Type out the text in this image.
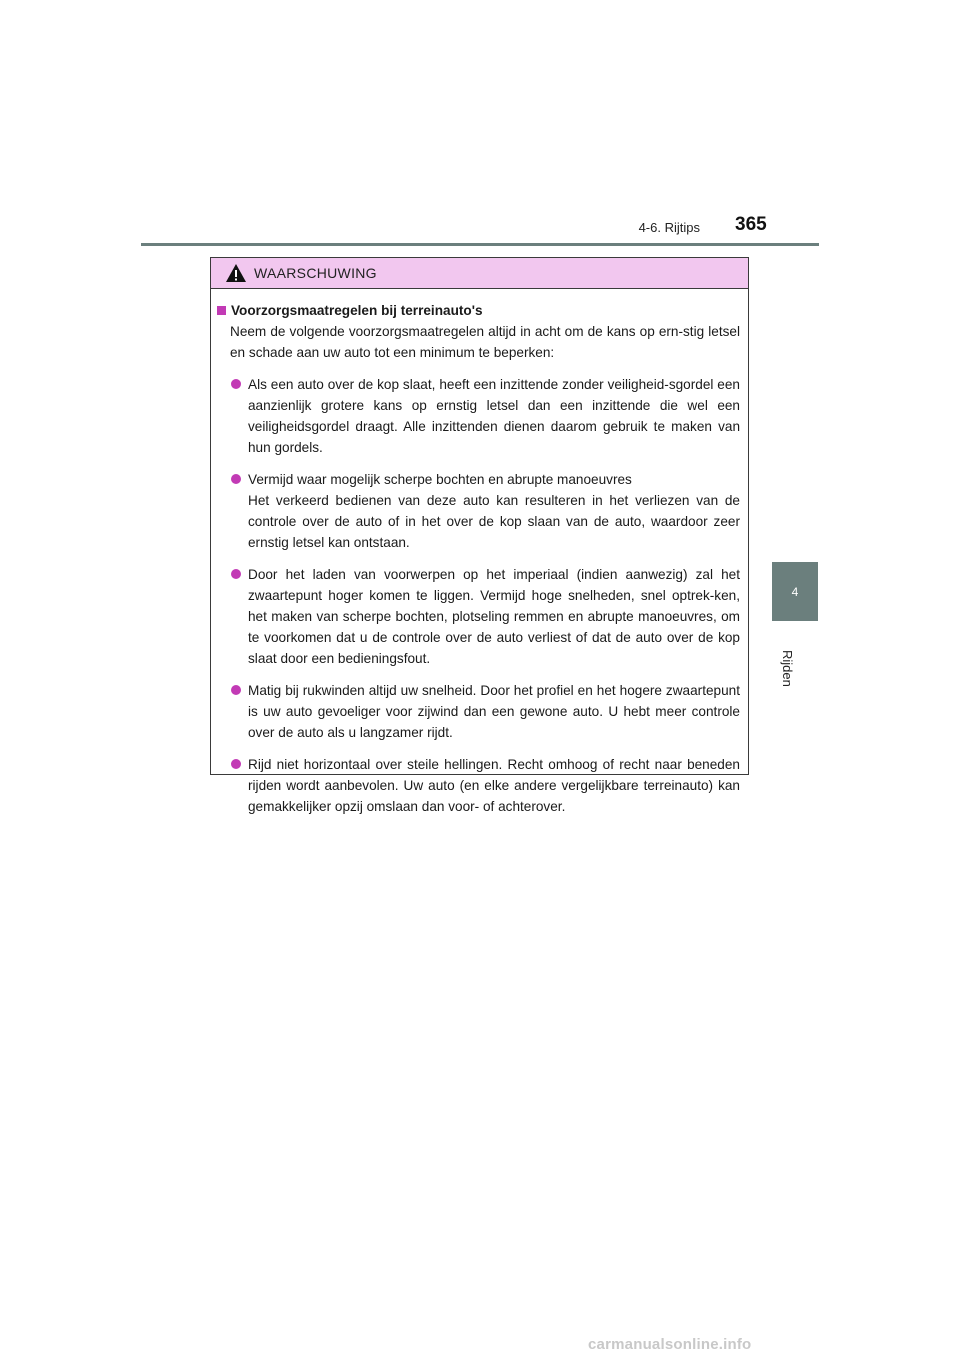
4-6. Rijtips 365
4
Rijden
WAARSCHUWING
Voorzorgsmaatregelen bij terreinauto's
Neem de volgende voorzorgsmaatregelen altijd in acht om de kans op ern-stig letsel en schade aan uw auto tot een minimum te beperken:

Als een auto over de kop slaat, heeft een inzittende zonder veiligheid-sgordel een aanzienlijk grotere kans op ernstig letsel dan een inzittende die wel een veiligheidsgordel draagt. Alle inzittenden dienen daarom gebruik te maken van hun gordels.

Vermijd waar mogelijk scherpe bochten en abrupte manoeuvres

Het verkeerd bedienen van deze auto kan resulteren in het verliezen van de controle over de auto of in het over de kop slaan van de auto, waardoor zeer ernstig letsel kan ontstaan.

Door het laden van voorwerpen op het imperiaal (indien aanwezig) zal het zwaartepunt hoger komen te liggen. Vermijd hoge snelheden, snel optrek-ken, het maken van scherpe bochten, plotseling remmen en abrupte manoeuvres, om te voorkomen dat u de controle over de auto verliest of dat de auto over de kop slaat door een bedieningsfout.

Matig bij rukwinden altijd uw snelheid. Door het profiel en het hogere zwaartepunt is uw auto gevoeliger voor zijwind dan een gewone auto. U hebt meer controle over de auto als u langzamer rijdt.

Rijd niet horizontaal over steile hellingen. Recht omhoog of recht naar beneden rijden wordt aanbevolen. Uw auto (en elke andere vergelijkbare terreinauto) kan gemakkelijker opzij omslaan dan voor- of achterover.

carmanualsonline.info
